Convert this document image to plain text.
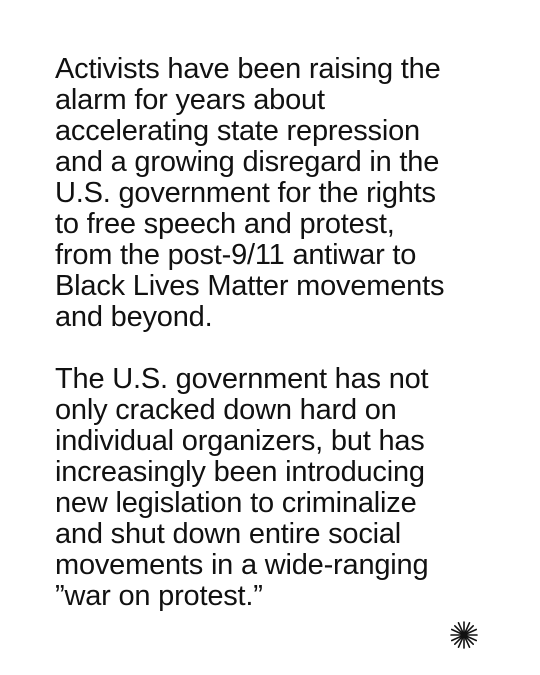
Activists have been raising the
alarm for years about
accelerating state repression
and a growing disregard in the
U.S. government for the rights
to free speech and protest,
from the post-9/11 antiwar to
Black Lives Matter movements
and beyond.

The U.S. government has not
only cracked down hard on
individual organizers, but has
increasingly been introducing
new legislation to criminalize
and shut down entire social
movements in a wide-ranging
”war on protest.”
